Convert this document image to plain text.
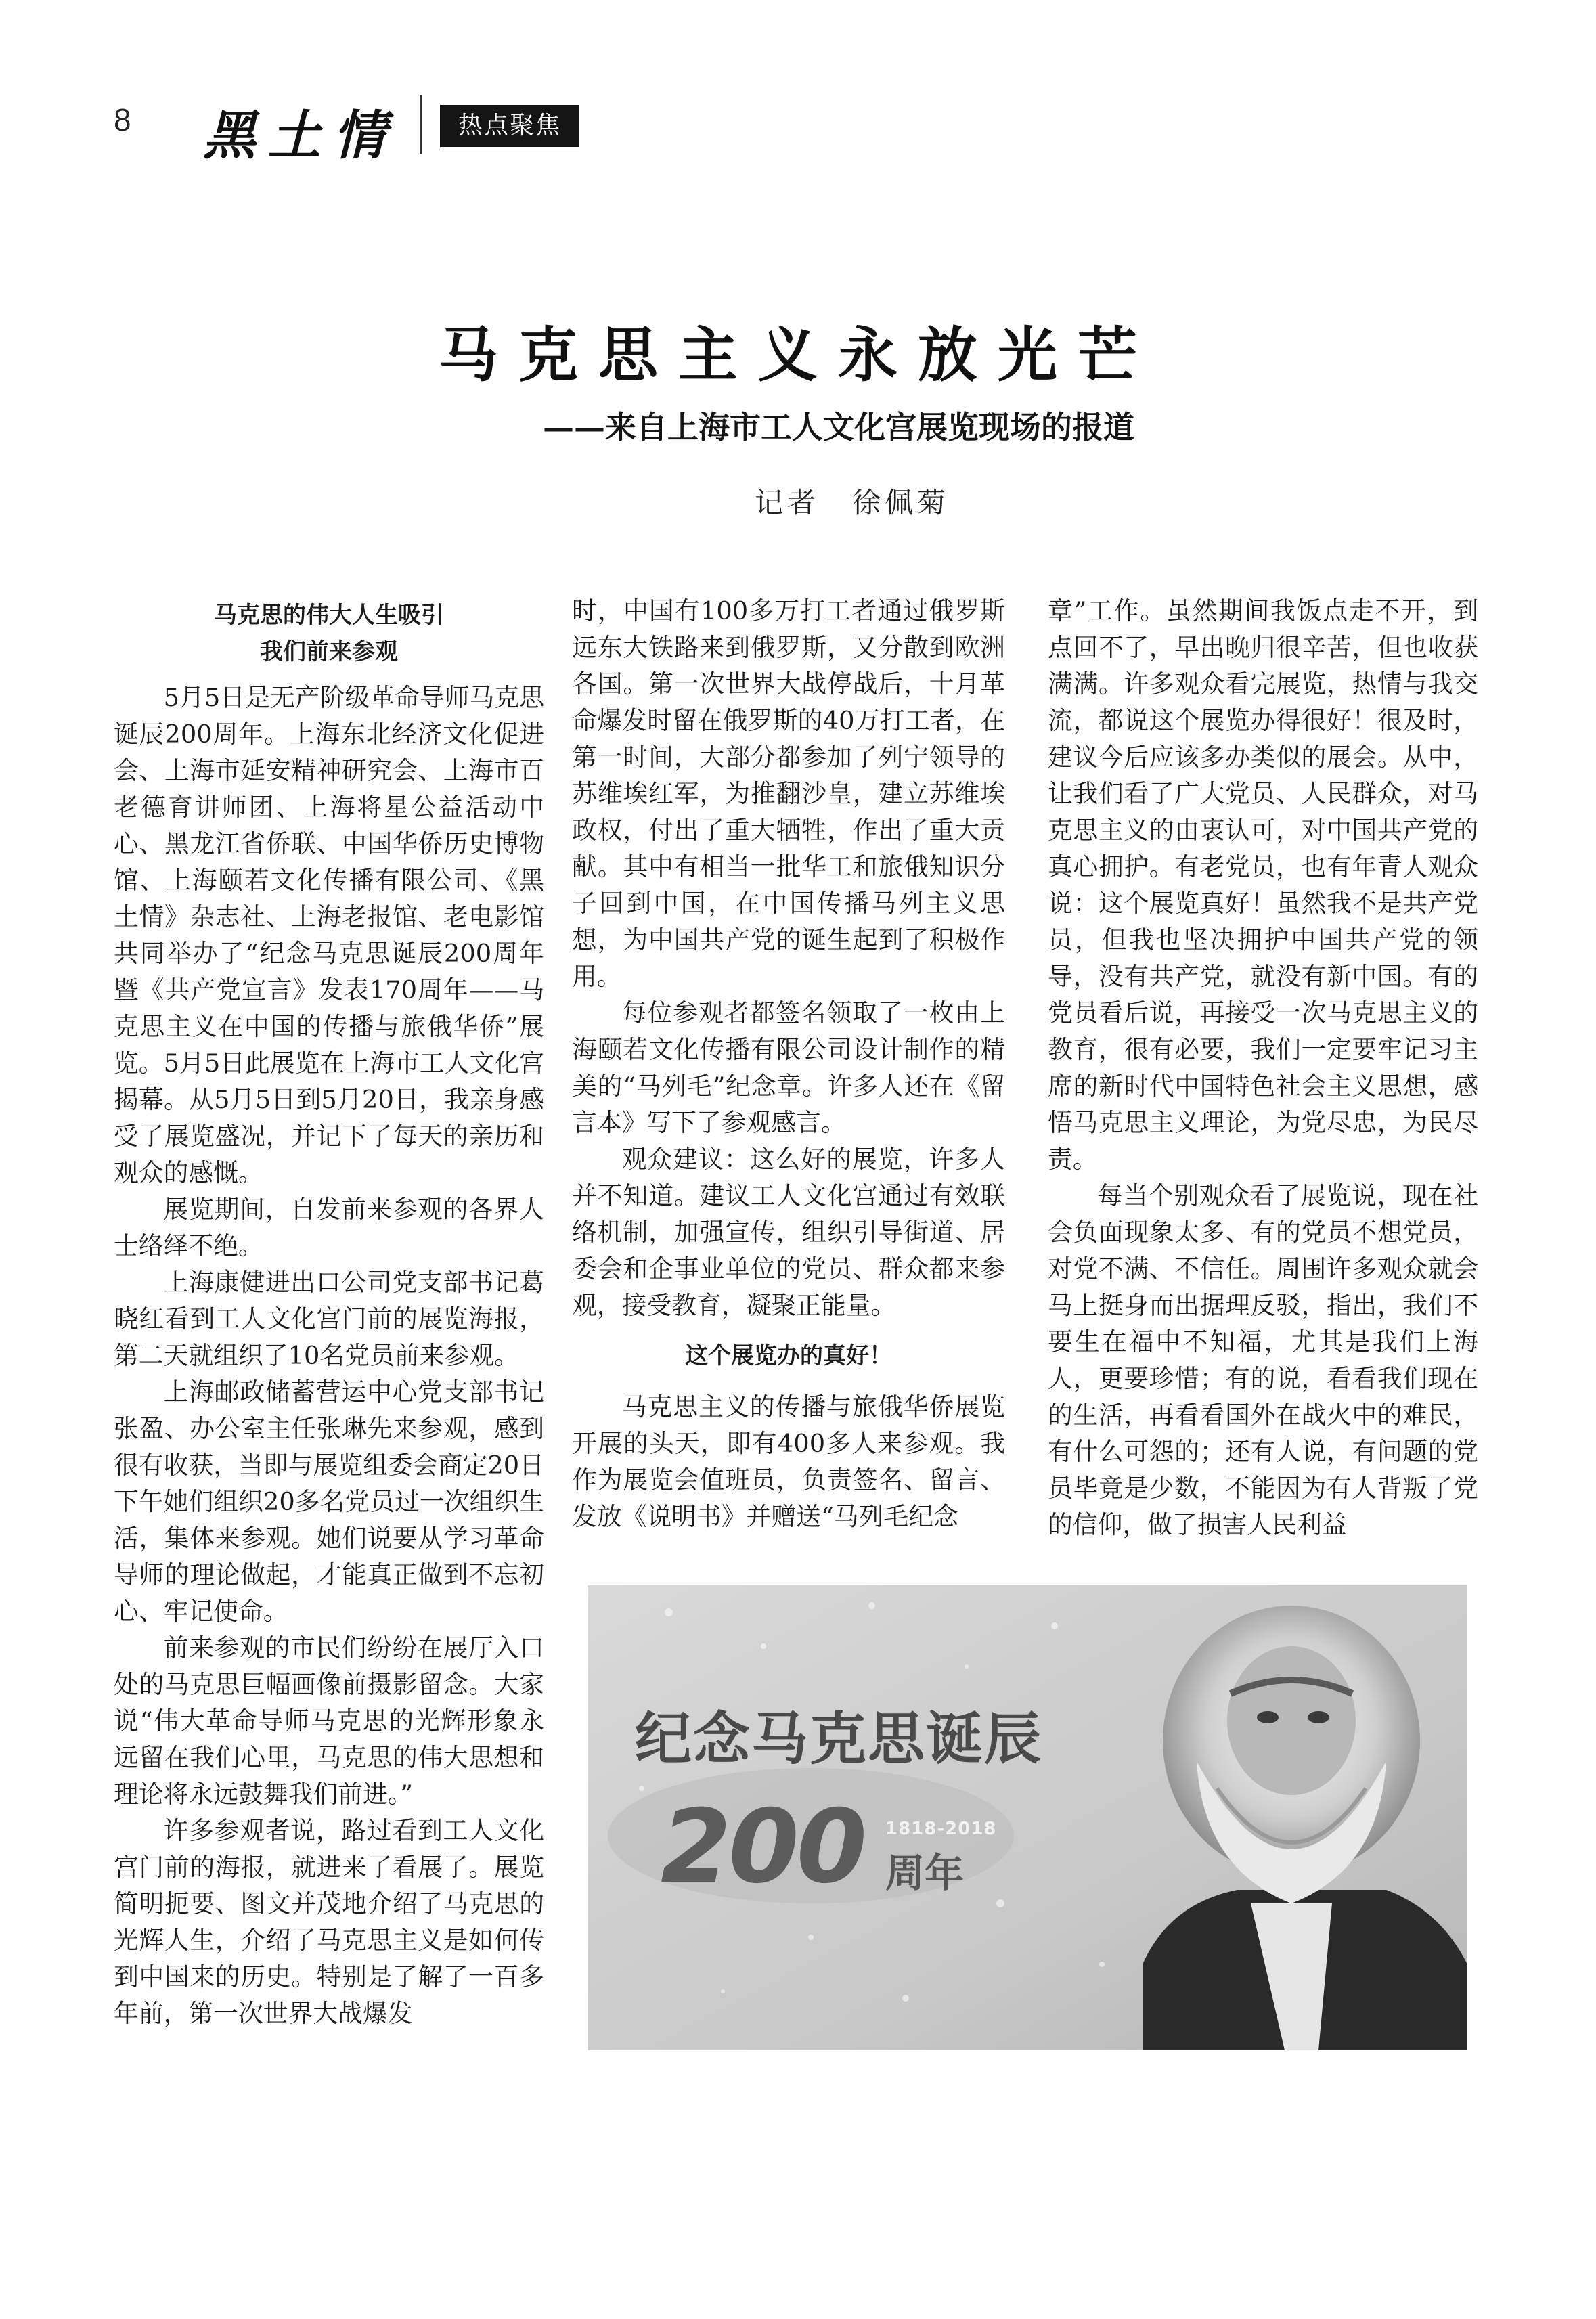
8 黑土情	热点聚焦
马克思主义永放光芒
——来自上海市工人文化宫展览现场的报道
记者　徐佩菊
马克思的伟大人生吸引
我们前来参观

5月5日是无产阶级革命导师马克思诞辰200周年。上海东北经济文化促进会、上海市延安精神研究会、上海市百老德育讲师团、上海将星公益活动中心、黑龙江省侨联、中国华侨历史博物馆、上海颐若文化传播有限公司、《黑土情》杂志社、上海老报馆、老电影馆共同举办了“纪念马克思诞辰200周年暨《共产党宣言》发表170周年——马克思主义在中国的传播与旅俄华侨”展览。5月5日此展览在上海市工人文化宫揭幕。从5月5日到5月20日，我亲身感受了展览盛况，并记下了每天的亲历和观众的感慨。

展览期间，自发前来参观的各界人士络绎不绝。

上海康健进出口公司党支部书记葛晓红看到工人文化宫门前的展览海报，第二天就组织了10名党员前来参观。

上海邮政储蓄营运中心党支部书记张盈、办公室主任张琳先来参观，感到很有收获，当即与展览组委会商定20日下午她们组织20多名党员过一次组织生活，集体来参观。她们说要从学习革命导师的理论做起，才能真正做到不忘初心、牢记使命。

前来参观的市民们纷纷在展厅入口处的马克思巨幅画像前摄影留念。大家说“伟大革命导师马克思的光辉形象永远留在我们心里，马克思的伟大思想和理论将永远鼓舞我们前进。”

许多参观者说，路过看到工人文化宫门前的海报，就进来了看展了。展览简明扼要、图文并茂地介绍了马克思的光辉人生，介绍了马克思主义是如何传到中国来的历史。特别是了解了一百多年前，第一次世界大战爆发

时，中国有100多万打工者通过俄罗斯远东大铁路来到俄罗斯，又分散到欧洲各国。第一次世界大战停战后，十月革命爆发时留在俄罗斯的40万打工者，在第一时间，大部分都参加了列宁领导的苏维埃红军，为推翻沙皇，建立苏维埃政权，付出了重大牺牲，作出了重大贡献。其中有相当一批华工和旅俄知识分子回到中国，在中国传播马列主义思想，为中国共产党的诞生起到了积极作用。

每位参观者都签名领取了一枚由上海颐若文化传播有限公司设计制作的精美的“马列毛”纪念章。许多人还在《留言本》写下了参观感言。

观众建议：这么好的展览，许多人并不知道。建议工人文化宫通过有效联络机制，加强宣传，组织引导街道、居委会和企事业单位的党员、群众都来参观，接受教育，凝聚正能量。

这个展览办的真好！

马克思主义的传播与旅俄华侨展览开展的头天，即有400多人来参观。我作为展览会值班员，负责签名、留言、发放《说明书》并赠送“马列毛纪念

章”工作。虽然期间我饭点走不开，到点回不了，早出晚归很辛苦，但也收获满满。许多观众看完展览，热情与我交流，都说这个展览办得很好！很及时，建议今后应该多办类似的展会。从中，让我们看了广大党员、人民群众，对马克思主义的由衷认可，对中国共产党的真心拥护。有老党员，也有年青人观众说：这个展览真好！虽然我不是共产党员，但我也坚决拥护中国共产党的领导，没有共产党，就没有新中国。有的党员看后说，再接受一次马克思主义的教育，很有必要，我们一定要牢记习主席的新时代中国特色社会主义思想，感悟马克思主义理论，为党尽忠，为民尽责。

每当个别观众看了展览说，现在社会负面现象太多、有的党员不想党员，对党不满、不信任。周围许多观众就会马上挺身而出据理反驳，指出，我们不要生在福中不知福，尤其是我们上海人，更要珍惜；有的说，看看我们现在的生活，再看看国外在战火中的难民，有什么可怨的；还有人说，有问题的党员毕竟是少数，不能因为有人背叛了党的信仰，做了损害人民利益

纪念马克思诞辰
200 1818-2018
周年
